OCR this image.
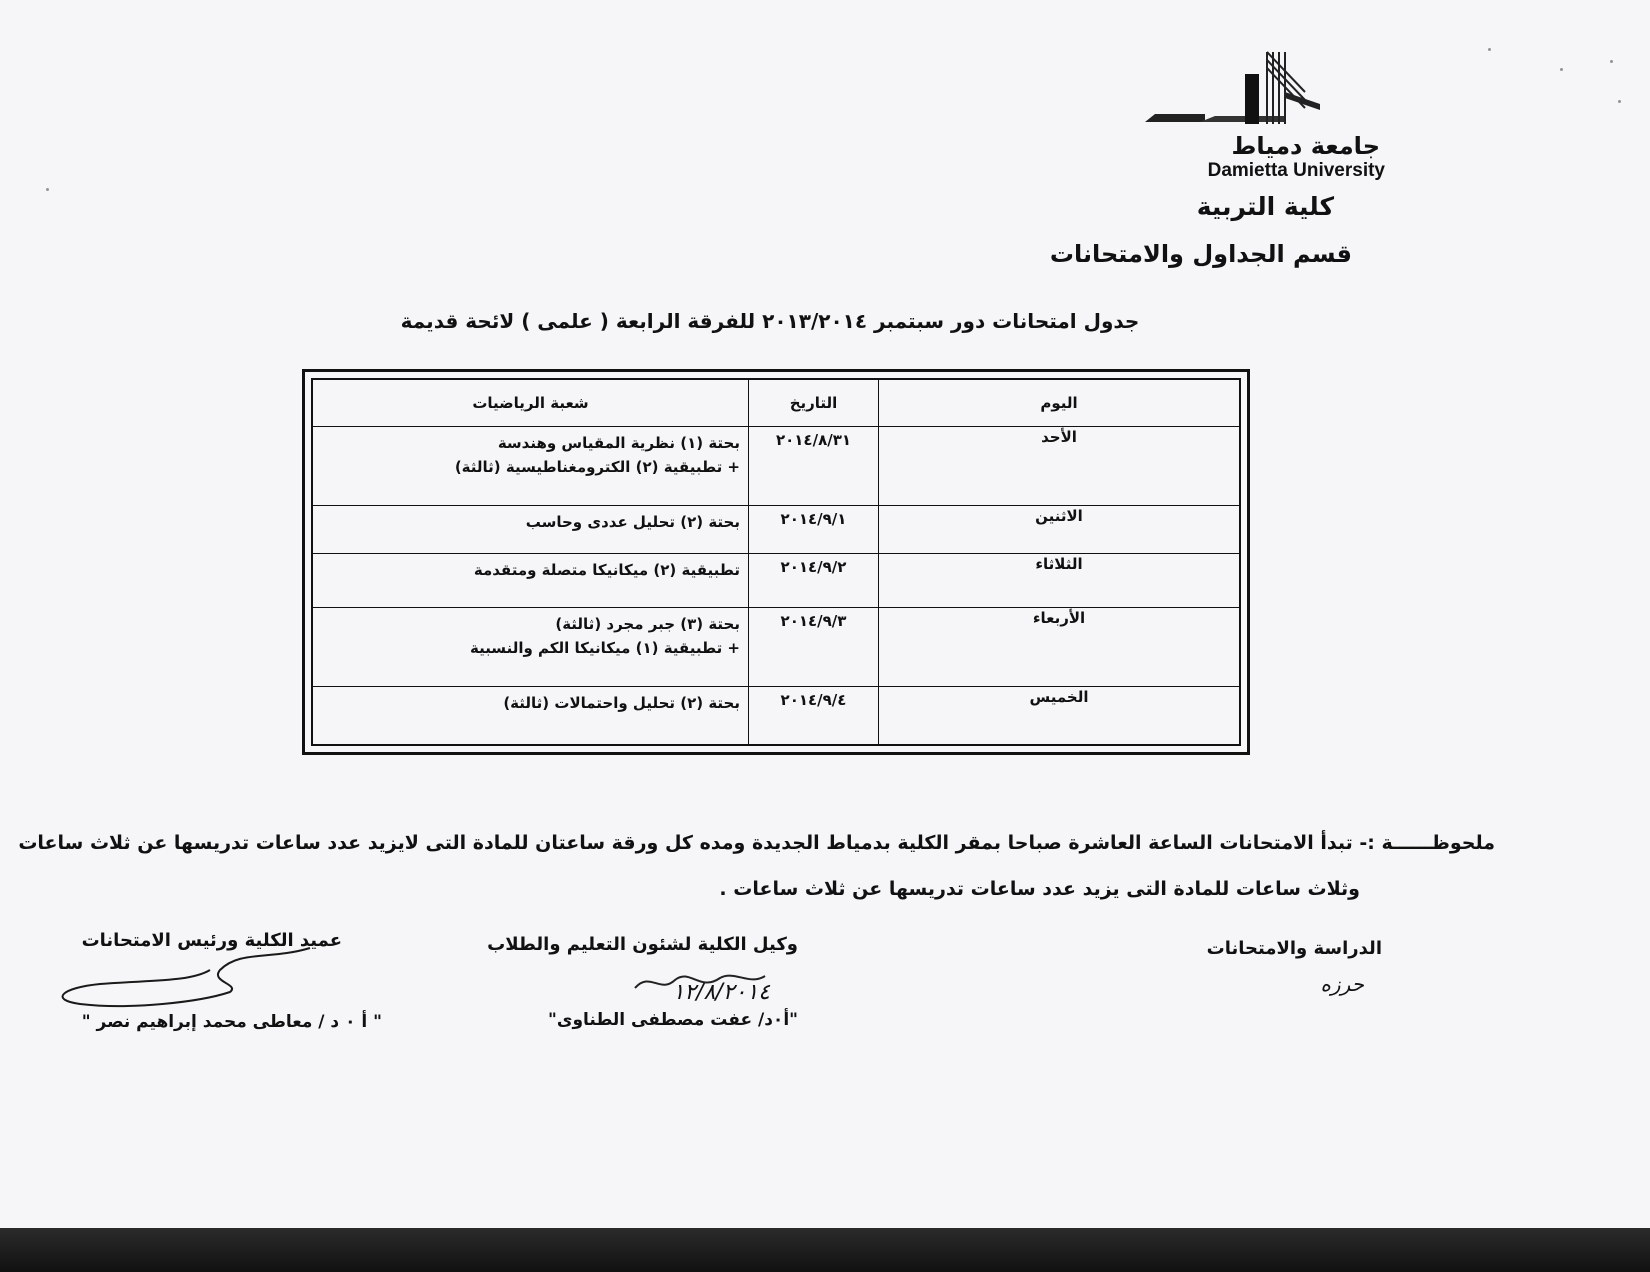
جامعة دمياط
Damietta University
كلية التربية
قسم الجداول والامتحانات
جدول امتحانات دور سبتمبر ٢٠١٣/٢٠١٤ للفرقة الرابعة ( علمى ) لائحة قديمة
اليوم	التاريخ	شعبة الرياضيات
الأحد	٢٠١٤/٨/٣١	بحتة (١) نظرية المقياس وهندسة
+ تطبيقية (٢) الكترومغناطيسية (ثالثة)

الاثنين	٢٠١٤/٩/١	بحتة (٢) تحليل عددى وحاسب

الثلاثاء	٢٠١٤/٩/٢	تطبيقية (٢) ميكانيكا متصلة ومتقدمة

الأربعاء	٢٠١٤/٩/٣	بحتة (٣) جبر مجرد (ثالثة)
+ تطبيقية (١) ميكانيكا الكم والنسبية

الخميس	٢٠١٤/٩/٤	بحتة (٢) تحليل واحتمالات (ثالثة)
ملحوظــــــة :- تبدأ الامتحانات الساعة العاشرة صباحا بمقر الكلية بدمياط الجديدة ومده كل ورقة ساعتان للمادة التى لايزيد عدد ساعات تدريسها عن ثلاث ساعات
وثلاث ساعات للمادة التى يزيد عدد ساعات تدريسها عن ثلاث ساعات .
الدراسة والامتحانات
حرزه
وكيل الكلية لشئون التعليم والطلاب
١٢/٨/٢٠١٤
"أ٠د/ عفت مصطفى الطناوى"
عميد الكلية ورئيس الامتحانات
" أ ٠ د / معاطى محمد إبراهيم نصر "
